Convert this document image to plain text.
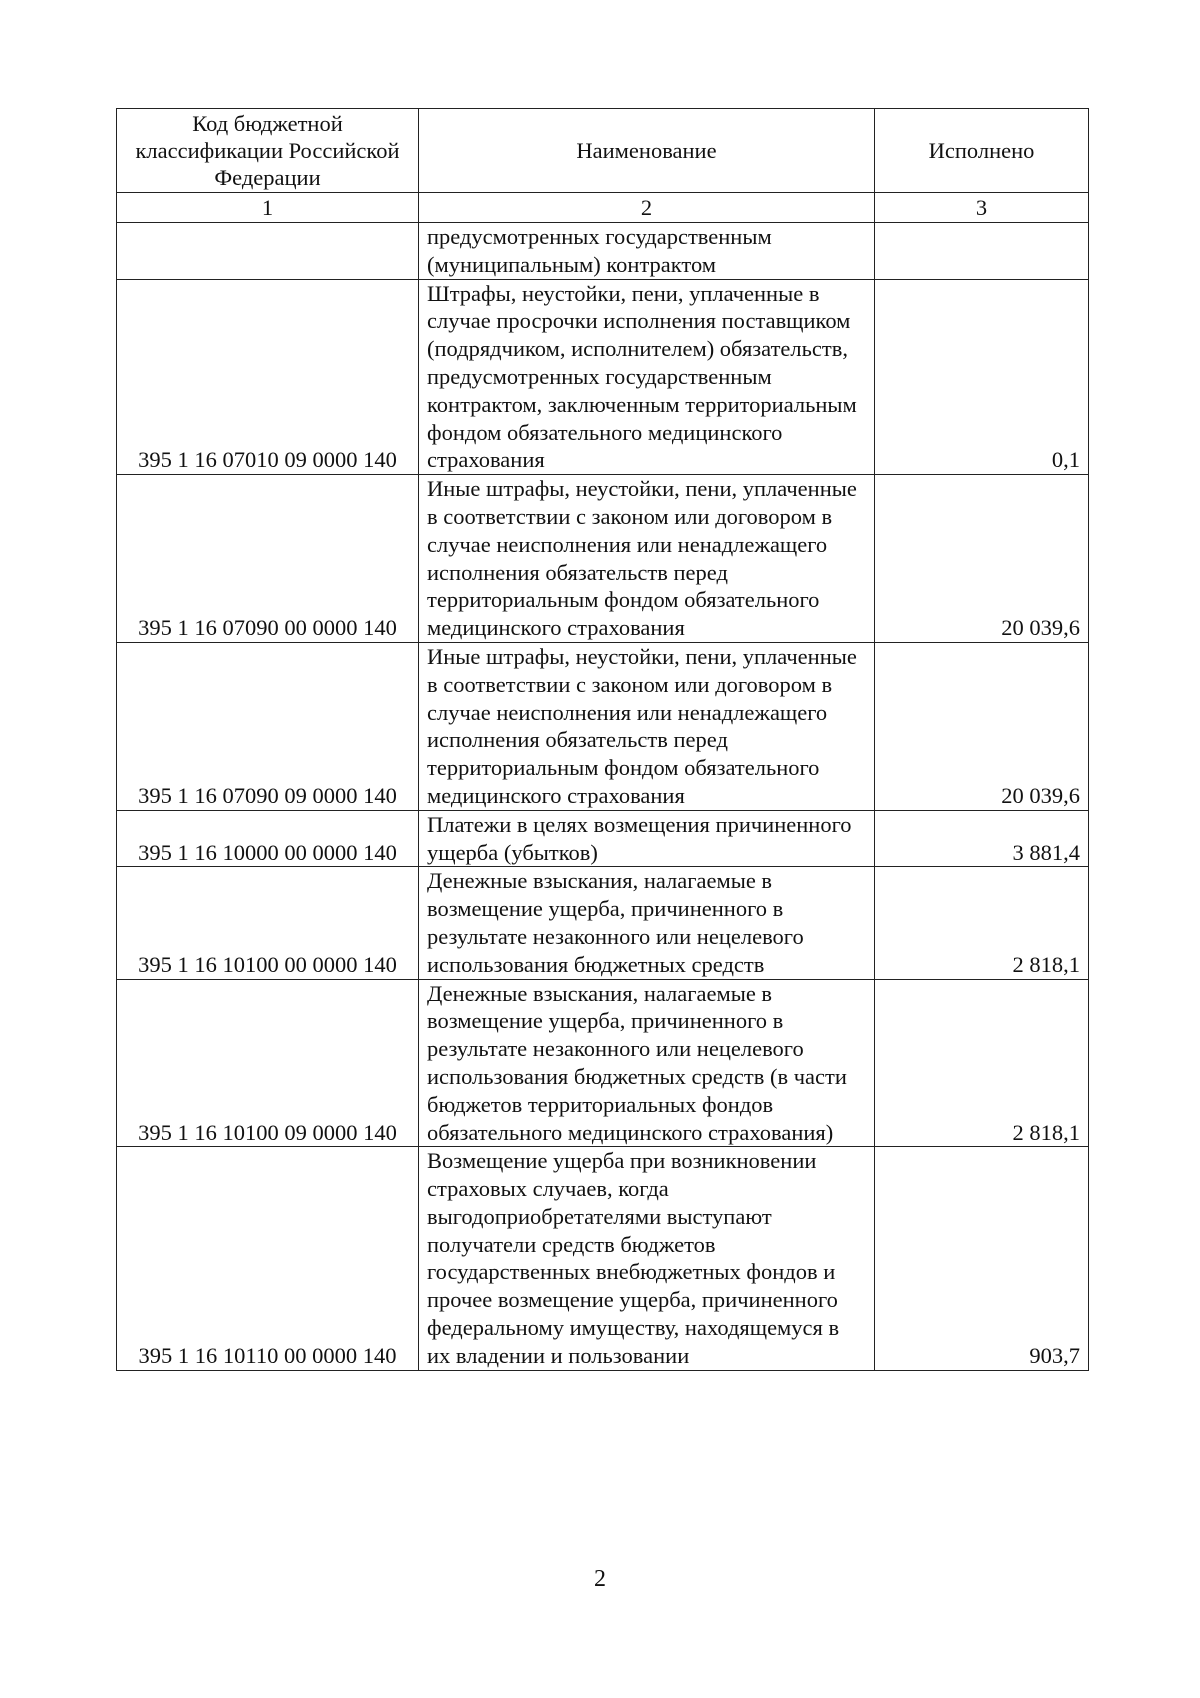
Код бюджетной классификации Российской Федерации	Наименование	Исполнено
1	2	3
	предусмотренных государственным (муниципальным) контрактом	
395 1 16 07010 09 0000 140	Штрафы, неустойки, пени, уплаченные в случае просрочки исполнения поставщиком (подрядчиком, исполнителем) обязательств, предусмотренных государственным контрактом, заключенным территориальным фондом обязательного медицинского страхования	0,1
395 1 16 07090 00 0000 140	Иные штрафы, неустойки, пени, уплаченные в соответствии с законом или договором в случае неисполнения или ненадлежащего исполнения обязательств перед территориальным фондом обязательного медицинского страхования	20 039,6
395 1 16 07090 09 0000 140	Иные штрафы, неустойки, пени, уплаченные в соответствии с законом или договором в случае неисполнения или ненадлежащего исполнения обязательств перед территориальным фондом обязательного медицинского страхования	20 039,6
395 1 16 10000 00 0000 140	Платежи в целях возмещения причиненного ущерба (убытков)	3 881,4
395 1 16 10100 00 0000 140	Денежные взыскания, налагаемые в возмещение ущерба, причиненного в результате незаконного или нецелевого использования бюджетных средств	2 818,1
395 1 16 10100 09 0000 140	Денежные взыскания, налагаемые в возмещение ущерба, причиненного в результате незаконного или нецелевого использования бюджетных средств (в части бюджетов территориальных фондов обязательного медицинского страхования)	2 818,1
395 1 16 10110 00 0000 140	Возмещение ущерба при возникновении страховых случаев, когда выгодоприобретателями выступают получатели средств бюджетов государственных внебюджетных фондов и прочее возмещение ущерба, причиненного федеральному имуществу, находящемуся в их владении и пользовании	903,7
2
